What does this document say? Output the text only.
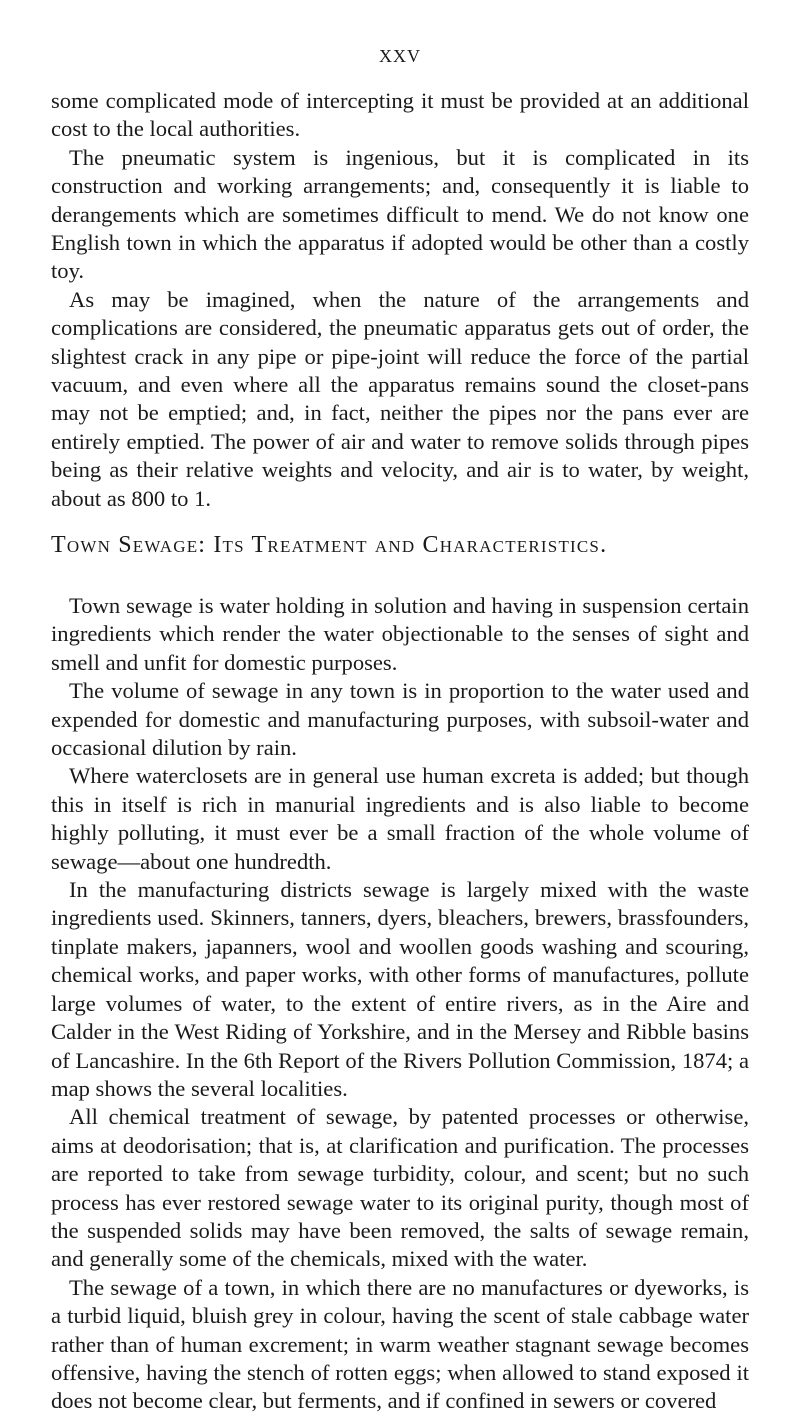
XXV

some complicated mode of intercepting it must be provided at an additional cost to the local authorities.

The pneumatic system is ingenious, but it is complicated in its construction and working arrangements; and, consequently it is liable to derangements which are sometimes difficult to mend. We do not know one English town in which the apparatus if adopted would be other than a costly toy.

As may be imagined, when the nature of the arrangements and complications are considered, the pneumatic apparatus gets out of order, the slightest crack in any pipe or pipe-joint will reduce the force of the partial vacuum, and even where all the apparatus remains sound the closet-pans may not be emptied; and, in fact, neither the pipes nor the pans ever are entirely emptied. The power of air and water to remove solids through pipes being as their relative weights and velocity, and air is to water, by weight, about as 800 to 1.

Town Sewage: Its Treatment and Characteristics.

Town sewage is water holding in solution and having in suspension certain ingredients which render the water objectionable to the senses of sight and smell and unfit for domestic purposes.

The volume of sewage in any town is in proportion to the water used and expended for domestic and manufacturing purposes, with subsoil-water and occasional dilution by rain.

Where waterclosets are in general use human excreta is added; but though this in itself is rich in manurial ingredients and is also liable to become highly polluting, it must ever be a small fraction of the whole volume of sewage—about one hundredth.

In the manufacturing districts sewage is largely mixed with the waste ingredients used. Skinners, tanners, dyers, bleachers, brewers, brassfounders, tinplate makers, japanners, wool and woollen goods washing and scouring, chemical works, and paper works, with other forms of manufactures, pollute large volumes of water, to the extent of entire rivers, as in the Aire and Calder in the West Riding of Yorkshire, and in the Mersey and Ribble basins of Lancashire. In the 6th Report of the Rivers Pollution Commission, 1874; a map shows the several localities.

All chemical treatment of sewage, by patented processes or otherwise, aims at deodorisation; that is, at clarification and purification. The processes are reported to take from sewage turbidity, colour, and scent; but no such process has ever restored sewage water to its original purity, though most of the suspended solids may have been removed, the salts of sewage remain, and generally some of the chemicals, mixed with the water.

The sewage of a town, in which there are no manufactures or dyeworks, is a turbid liquid, bluish grey in colour, having the scent of stale cabbage water rather than of human excrement; in warm weather stagnant sewage becomes offensive, having the stench of rotten eggs; when allowed to stand exposed it does not become clear, but ferments, and if confined in sewers or covered
